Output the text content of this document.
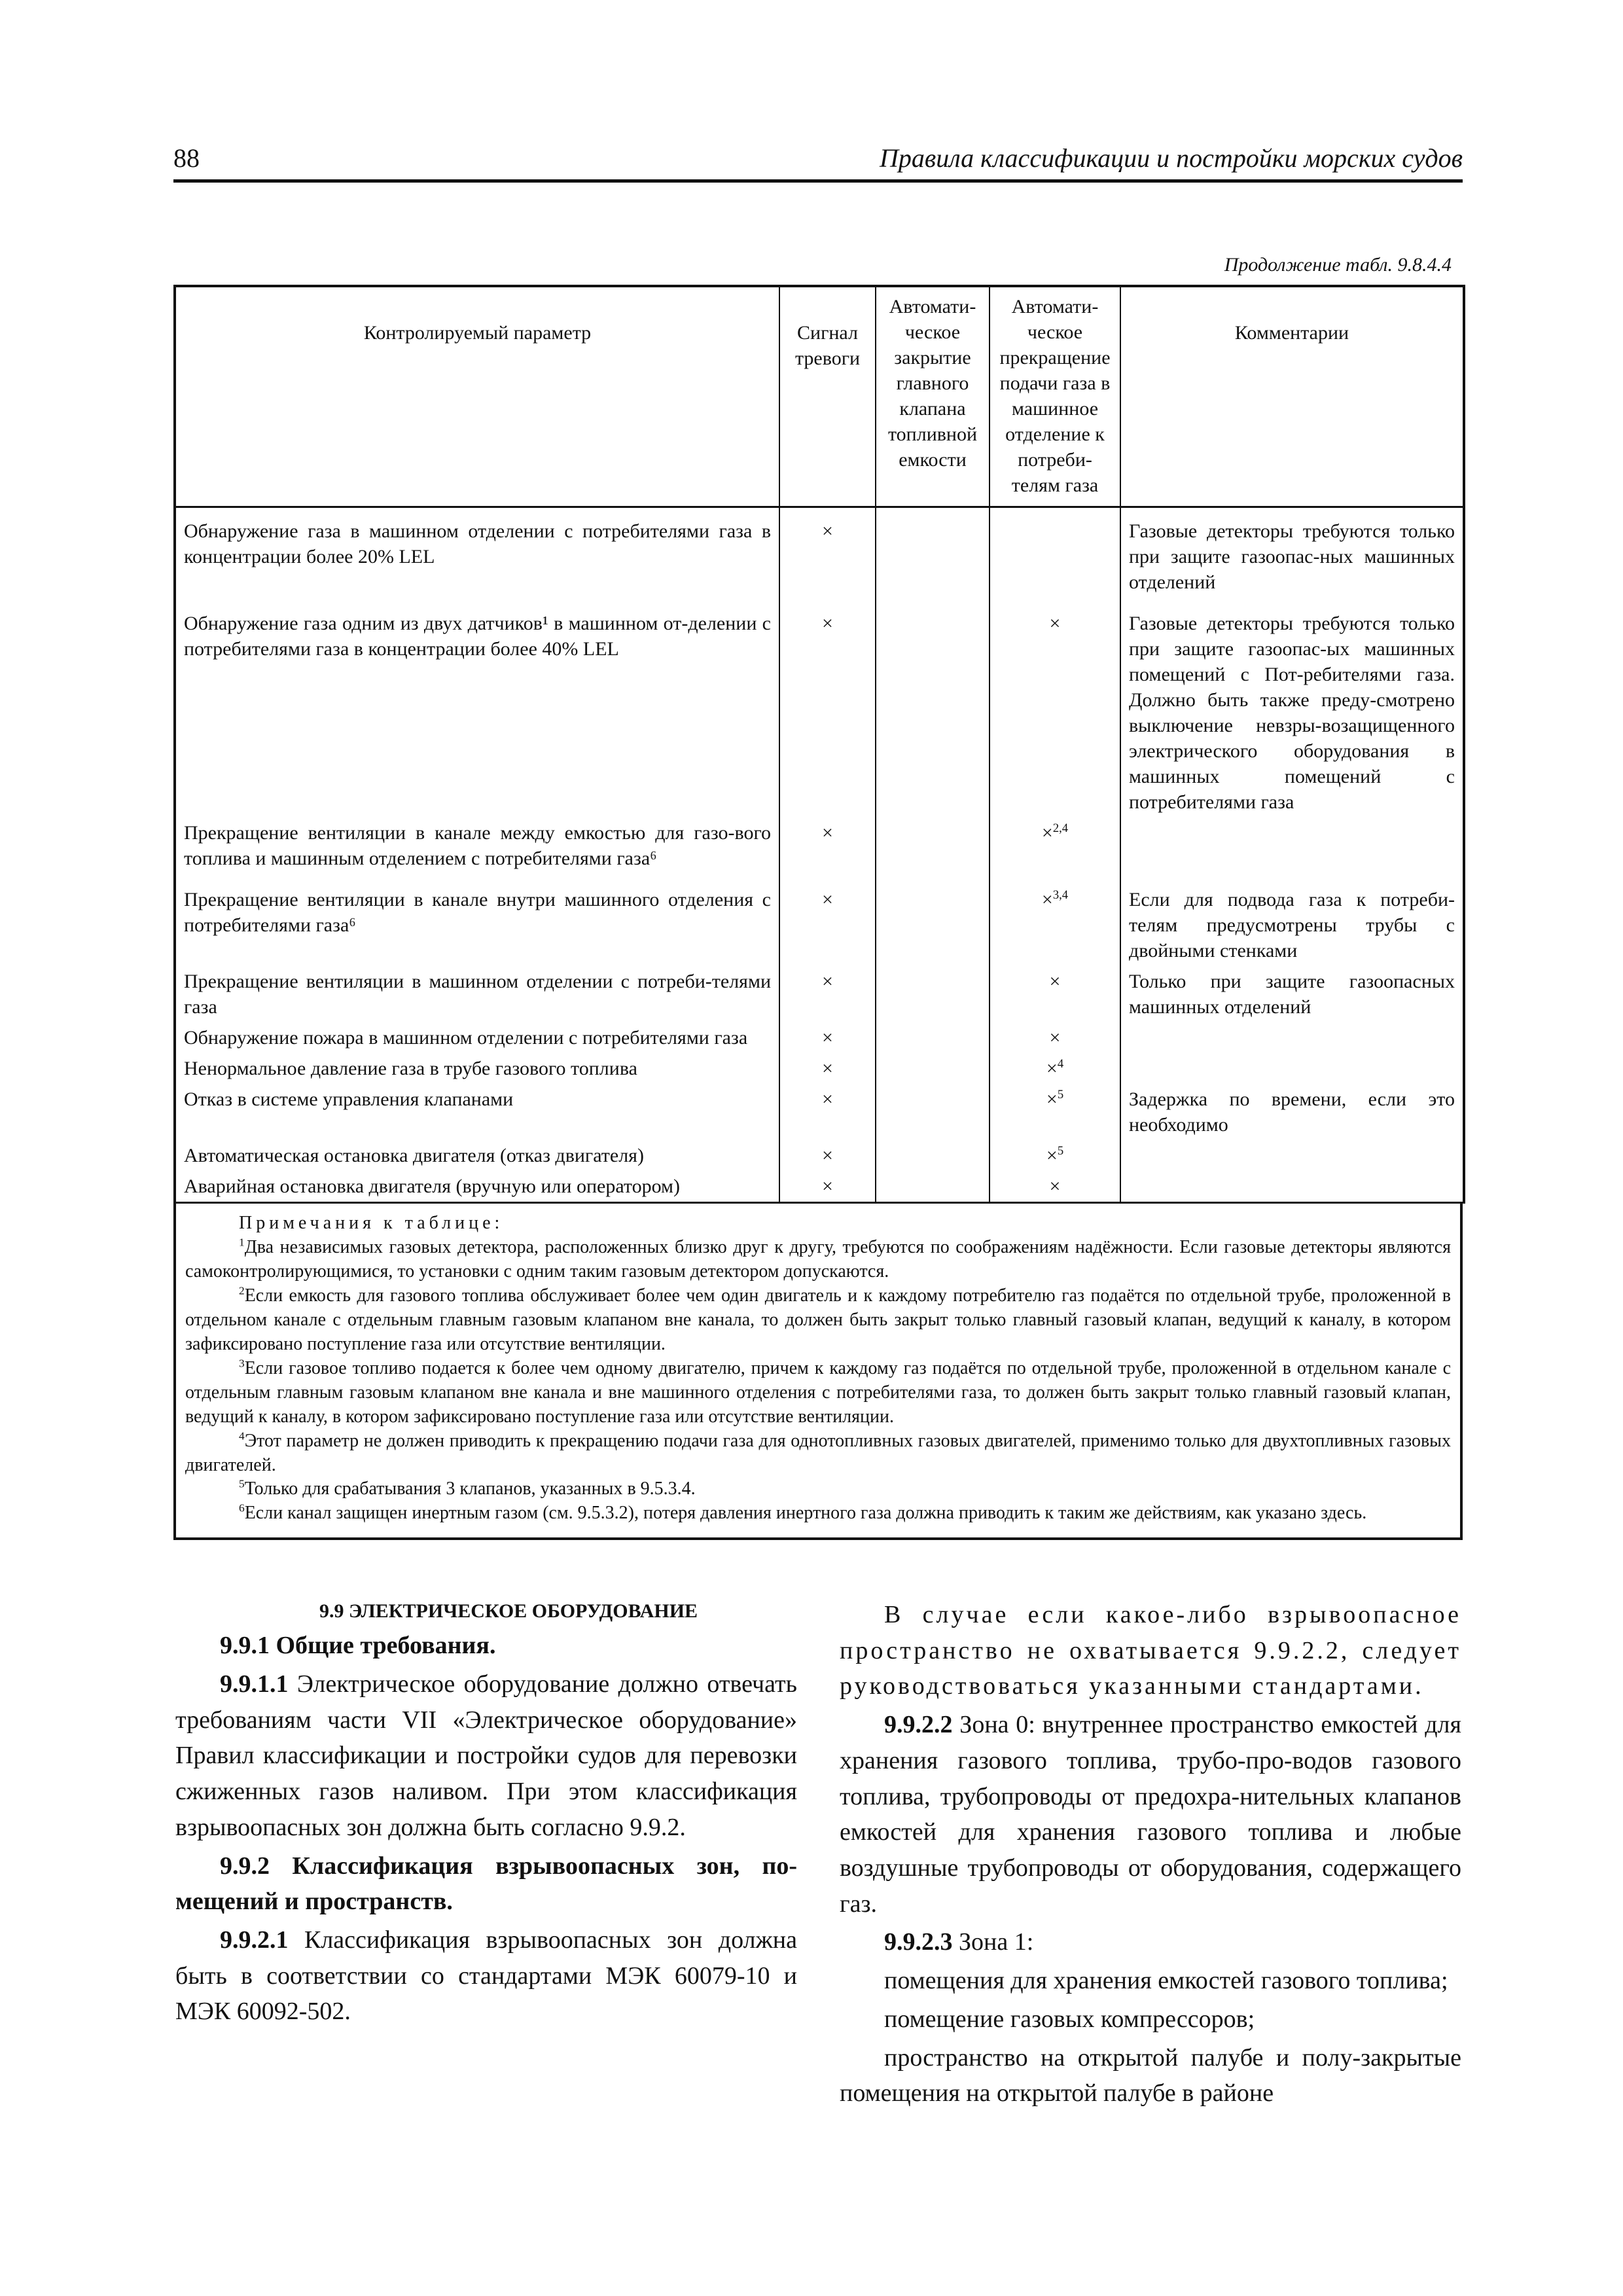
88	Правила классификации и постройки морских судов
Продолжение табл. 9.8.4.4
Контролируемый параметр	Сигнал тревоги	Автомати-ческое закрытие главного клапана топливной емкости	Автомати-ческое прекращение подачи газа в машинное отделение к потреби-телям газа	Комментарии
Обнаружение газа в машинном отделении с потребителями газа в концентрации более 20% LEL	×			Газовые детекторы требуются только при защите газоопас-ных машинных отделений
Обнаружение газа одним из двух датчиков¹ в машинном от-делении с потребителями газа в концентрации более 40% LEL	×		×	Газовые детекторы требуются только при защите газоопас-ых машинных помещений с Пот-ребителями газа. Должно быть также преду-смотрено выключение невзры-возащищенного электрического оборудования в машинных помещений с потребителями газа
Прекращение вентиляции в канале между емкостью для газо-вого топлива и машинным отделением с потребителями газа⁶	×		×$^{2,4}$	
Прекращение вентиляции в канале внутри машинного отделения с потребителями газа⁶	×		×$^{3,4}$	Если для подвода газа к потреби-телям предусмотрены трубы с двойными стенками
Прекращение вентиляции в машинном отделении с потреби-телями газа	×		×	Только при защите газоопасных машинных отделений
Обнаружение пожара в машинном отделении с потребителями газа	×		×	
Ненормальное давление газа в трубе газового топлива	×		×$^4$	
Отказ в системе управления клапанами	×		×$^5$	Задержка по времени, если это необходимо
Автоматическая остановка двигателя (отказ двигателя)	×		×$^5$	
Аварийная остановка двигателя (вручную или оператором)	×		×	
Примечания к таблице:

$^1$Два независимых газовых детектора, расположенных близко друг к другу, требуются по соображениям надёжности. Если газовые детекторы являются самоконтролирующимися, то установки с одним таким газовым детектором допускаются.

$^2$Если емкость для газового топлива обслуживает более чем один двигатель и к каждому потребителю газ подаётся по отдельной трубе, проложенной в отдельном канале с отдельным главным газовым клапаном вне канала, то должен быть закрыт только главный газовый клапан, ведущий к каналу, в котором зафиксировано поступление газа или отсутствие вентиляции.

$^3$Если газовое топливо подается к более чем одному двигателю, причем к каждому газ подаётся по отдельной трубе, проложенной в отдельном канале с отдельным главным газовым клапаном вне канала и вне машинного отделения с потребителями газа, то должен быть закрыт только главный газовый клапан, ведущий к каналу, в котором зафиксировано поступление газа или отсутствие вентиляции.

$^4$Этот параметр не должен приводить к прекращению подачи газа для однотопливных газовых двигателей, применимо только для двухтопливных газовых двигателей.

$^5$Только для срабатывания 3 клапанов, указанных в 9.5.3.4.

$^6$Если канал защищен инертным газом (см. 9.5.3.2), потеря давления инертного газа должна приводить к таким же действиям, как указано здесь.

9.9 ЭЛЕКТРИЧЕСКОЕ ОБОРУДОВАНИЕ

9.9.1 Общие требования.

9.9.1.1 Электрическое оборудование должно отвечать требованиям части VII «Электрическое оборудование» Правил классификации и постройки судов для перевозки сжиженных газов наливом. При этом классификация взрывоопасных зон должна быть согласно 9.9.2.

9.9.2 Классификация взрывоопасных зон, по-мещений и пространств.

9.9.2.1 Классификация взрывоопасных зон должна быть в соответствии со стандартами МЭК 60079-10 и МЭК 60092-502.

В случае если какое-либо взрывоопасное пространство не охватывается 9.9.2.2, следует руководствоваться указанными стандартами.

9.9.2.2 Зона 0: внутреннее пространство емкостей для хранения газового топлива, трубо-про-водов газового топлива, трубопроводы от предохра-нительных клапанов емкостей для хранения газового топлива и любые воздушные трубопроводы от оборудования, содержащего газ.

9.9.2.3 Зона 1:

помещения для хранения емкостей газового топлива;

помещение газовых компрессоров;

пространство на открытой палубе и полу-закрытые помещения на открытой палубе в районе
